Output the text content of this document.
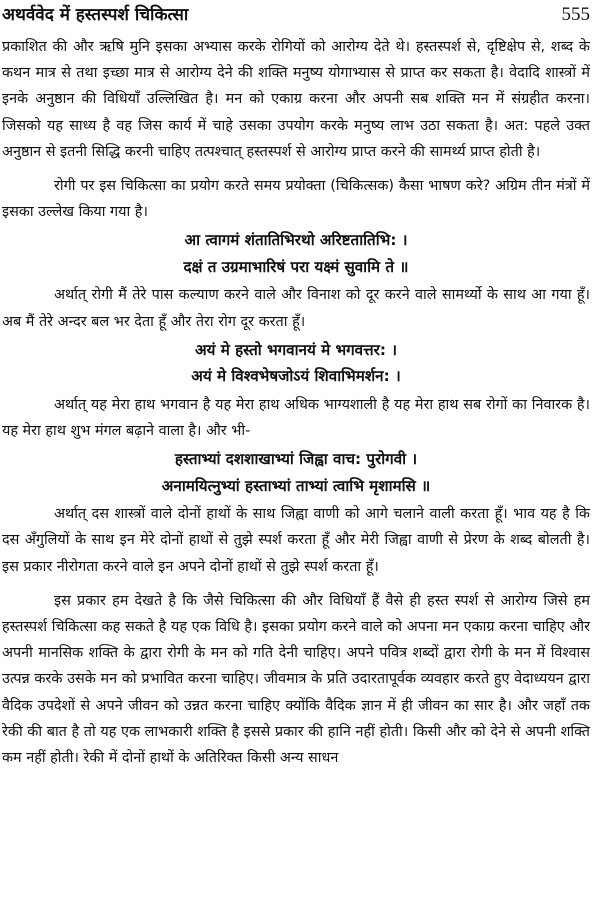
अथर्ववेद में हस्तस्पर्श चिकित्सा	555

प्रकाशित की और ऋषि मुनि इसका अभ्यास करके रोगियों को आरोग्य देते थे। हस्तस्पर्श से, दृष्टिक्षेप से, शब्द के कथन मात्र से तथा इच्छा मात्र से आरोग्य देने की शक्ति मनुष्य योगाभ्यास से प्राप्त कर सकता है। वेदादि शास्त्रों में इनके अनुष्ठान की विधियाँ उल्लिखित है। मन को एकाग्र करना और अपनी सब शक्ति मन में संग्रहीत करना। जिसको यह साध्य है वह जिस कार्य में चाहे उसका उपयोग करके मनुष्य लाभ उठा सकता है। अत: पहले उक्त अनुष्ठान से इतनी सिद्धि करनी चाहिए तत्पश्चात् हस्तस्पर्श से आरोग्य प्राप्त करने की सामर्थ्य प्राप्त होती है।

रोगी पर इस चिकित्सा का प्रयोग करते समय प्रयोक्ता (चिकित्सक) कैसा भाषण करे? अग्रिम तीन मंत्रों में इसका उल्लेख किया गया है।

आ त्वागमं शंतातिभिरथो अरिष्टतातिभि: ।
दक्षं त उग्रमाभारिषं परा यक्ष्मं सुवामि ते ॥

अर्थात् रोगी मैं तेरे पास कल्याण करने वाले और विनाश को दूर करने वाले सामर्थ्यो के साथ आ गया हूँ। अब मैं तेरे अन्दर बल भर देता हूँ और तेरा रोग दूर करता हूँ।

अयं मे हस्तो भगवानयं मे भगवत्तर: ।
अयं मे विश्वभेषजोऽयं शिवाभिमर्शन: ।

अर्थात् यह मेरा हाथ भगवान है यह मेरा हाथ अधिक भाग्यशाली है यह मेरा हाथ सब रोगों का निवारक है। यह मेरा हाथ शुभ मंगल बढ़ाने वाला है। और भी-

हस्ताभ्यां दशशाखाभ्यां जिह्वा वाच: पुरोगवी ।
अनामयित्नुभ्यां हस्ताभ्यां ताभ्यां त्वाभि मृशामसि ॥

अर्थात् दस शास्त्रों वाले दोनों हाथों के साथ जिह्वा वाणी को आगे चलाने वाली करता हूँ। भाव यह है कि दस अँगुलियों के साथ इन मेरे दोनों हाथों से तुझे स्पर्श करता हूँ और मेरी जिह्वा वाणी से प्रेरण के शब्द बोलती है। इस प्रकार नीरोगता करने वाले इन अपने दोनों हाथों से तुझे स्पर्श करता हूँ।

इस प्रकार हम देखते है कि जैसे चिकित्सा की और विधियाँ हैं वैसे ही हस्त स्पर्श से आरोग्य जिसे हम हस्तस्पर्श चिकित्सा कह सकते है यह एक विधि है। इसका प्रयोग करने वाले को अपना मन एकाग्र करना चाहिए और अपनी मानसिक शक्ति के द्वारा रोगी के मन को गति देनी चाहिए। अपने पवित्र शब्दों द्वारा रोगी के मन में विश्वास उत्पन्न करके उसके मन को प्रभावित करना चाहिए। जीवमात्र के प्रति उदारतापूर्वक व्यवहार करते हुए वेदाध्ययन द्वारा वैदिक उपदेशों से अपने जीवन को उन्नत करना चाहिए क्योंकि वैदिक ज्ञान में ही जीवन का सार है। और जहाँ तक रेकी की बात है तो यह एक लाभकारी शक्ति है इससे प्रकार की हानि नहीं होती। किसी और को देने से अपनी शक्ति कम नहीं होती। रेकी में दोनों हाथों के अतिरिक्त किसी अन्य साधन
